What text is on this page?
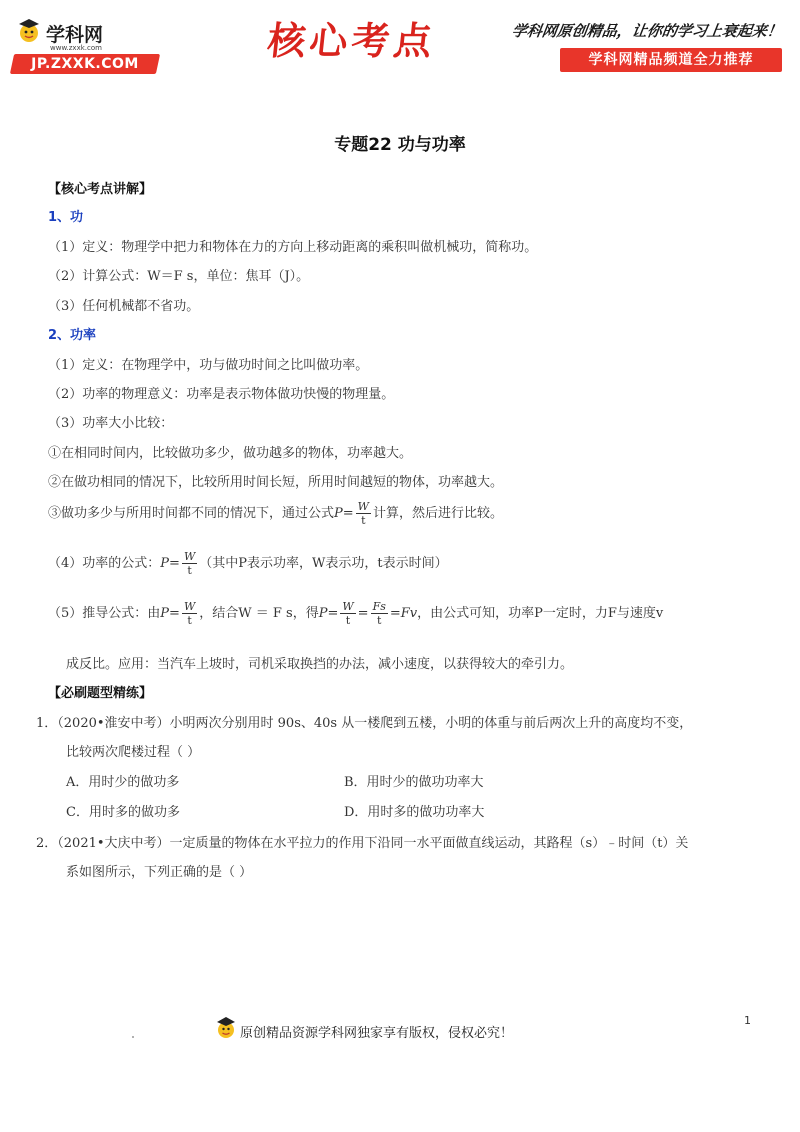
学科网
www.zxxk.com
JP.ZXXK.COM
核心考点	学科网原创精品，让你的学习上衰起来！
学科网精品频道全力推荐
专题22 功与功率
【核心考点讲解】
1、功
（1）定义：物理学中把力和物体在力的方向上移动距离的乘积叫做机械功，简称功。
（2）计算公式：W＝F s，单位：焦耳（J）。
（3）任何机械都不省功。
2、功率
（1）定义：在物理学中，功与做功时间之比叫做功率。
（2）功率的物理意义：功率是表示物体做功快慢的物理量。
（3）功率大小比较：
①在相同时间内，比较做功多少，做功越多的物体，功率越大。
②在做功相同的情况下，比较所用时间长短，所用时间越短的物体，功率越大。
③做功多少与所用时间都不同的情况下，通过公式$P= \frac{W}{t}$ 计算，然后进行比较。
（4）功率的公式：$P= \frac{W}{t}$ （其中P表示功率，W表示功，t表示时间）
（5）推导公式：由$P= \frac{W}{t}$ ，结合W ＝ F s，得$P= \frac{W}{t} = \frac{Fs}{t} =Fv$，由公式可知，功率P一定时，力F与速度v
成反比。应用：当汽车上坡时，司机采取换挡的办法，减小速度，以获得较大的牵引力。
【必刷题型精练】
1．（2020•淮安中考）小明两次分别用时 90s、40s 从一楼爬到五楼，小明的体重与前后两次上升的高度均不变，
比较两次爬楼过程（ ）
A．用时少的做功多	B．用时少的做功功率大
C．用时多的做功多	D．用时多的做功功率大
2．（2021•大庆中考）一定质量的物体在水平拉力的作用下沿同一水平面做直线运动，其路程（s）﹣时间（t）关
系如图所示，下列正确的是（ ）
原创精品资源学科网独家享有版权，侵权必究！
1
